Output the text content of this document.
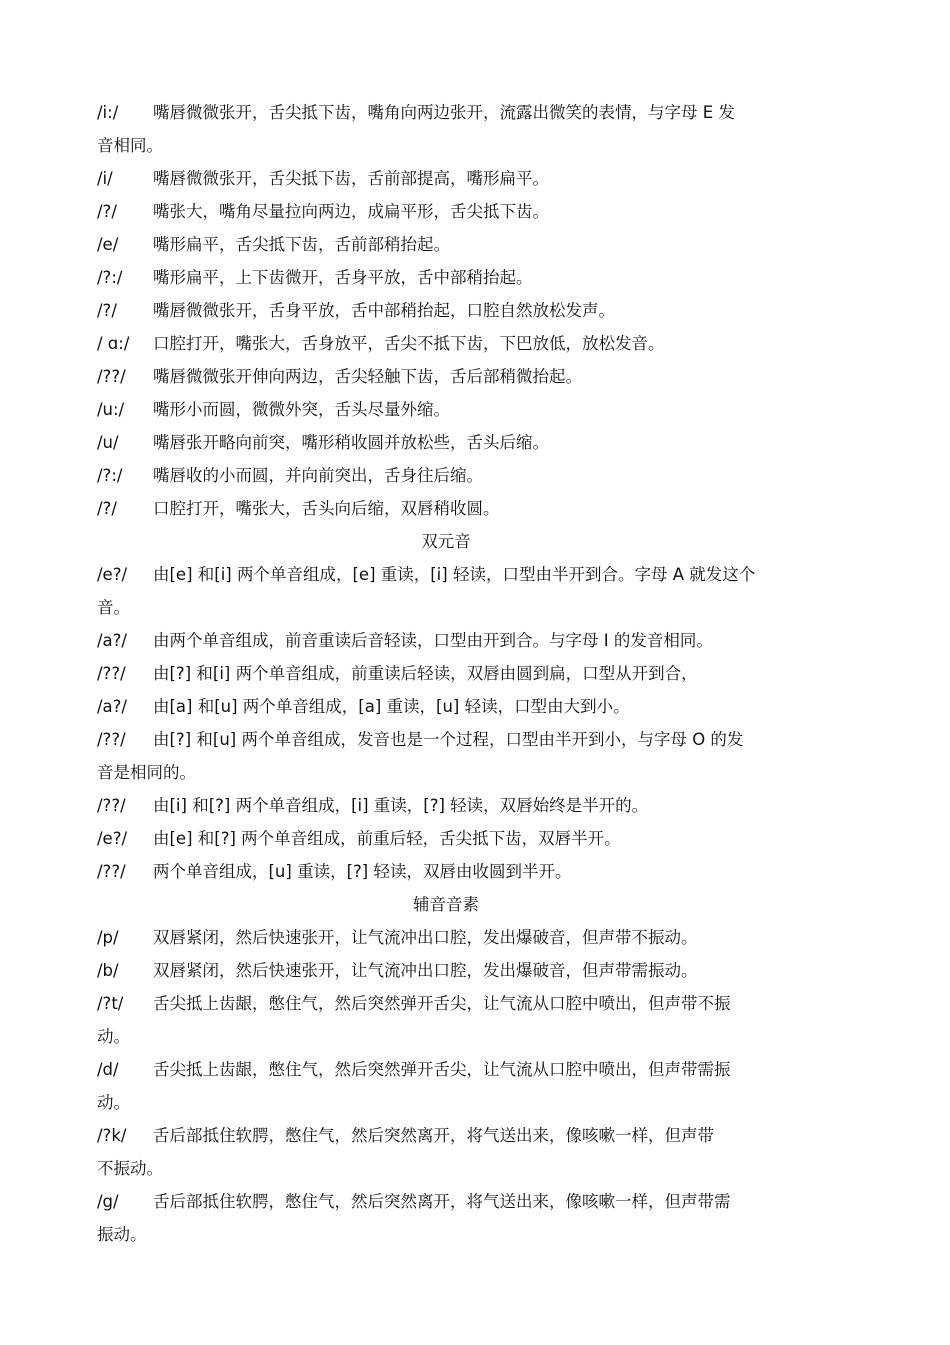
/i:/ 嘴唇微微张开，舌尖抵下齿，嘴角向两边张开，流露出微笑的表情，与字母 E 发
音相同。
/i/ 嘴唇微微张开，舌尖抵下齿，舌前部提高，嘴形扁平。
/?/ 嘴张大，嘴角尽量拉向两边，成扁平形，舌尖抵下齿。
/e/ 嘴形扁平，舌尖抵下齿，舌前部稍抬起。
/?:/ 嘴形扁平，上下齿微开，舌身平放，舌中部稍抬起。
/?/ 嘴唇微微张开，舌身平放，舌中部稍抬起，口腔自然放松发声。
/ ɑ:/ 口腔打开，嘴张大，舌身放平，舌尖不抵下齿，下巴放低，放松发音。
/??/ 嘴唇微微张开伸向两边，舌尖轻触下齿，舌后部稍微抬起。
/u:/ 嘴形小而圆，微微外突，舌头尽量外缩。
/u/ 嘴唇张开略向前突，嘴形稍收圆并放松些，舌头后缩。
/?:/ 嘴唇收的小而圆，并向前突出，舌身往后缩。
/?/ 口腔打开，嘴张大，舌头向后缩，双唇稍收圆。
双元音
/e?/ 由[e] 和[i] 两个单音组成，[e] 重读，[i] 轻读，口型由半开到合。字母 A 就发这个
音。
/a?/ 由两个单音组成，前音重读后音轻读，口型由开到合。与字母 I 的发音相同。
/??/ 由[?] 和[i] 两个单音组成，前重读后轻读，双唇由圆到扁，口型从开到合，
/a?/ 由[a] 和[u] 两个单音组成，[a] 重读，[u] 轻读，口型由大到小。
/??/ 由[?] 和[u] 两个单音组成，发音也是一个过程，口型由半开到小，与字母 O 的发
音是相同的。
/??/ 由[i] 和[?] 两个单音组成，[i] 重读，[?] 轻读，双唇始终是半开的。
/e?/ 由[e] 和[?] 两个单音组成，前重后轻，舌尖抵下齿，双唇半开。
/??/ 两个单音组成，[u] 重读，[?] 轻读，双唇由收圆到半开。
辅音音素
/p/ 双唇紧闭，然后快速张开，让气流冲出口腔，发出爆破音，但声带不振动。
/b/ 双唇紧闭，然后快速张开，让气流冲出口腔，发出爆破音，但声带需振动。
/?t/ 舌尖抵上齿龈，憋住气，然后突然弹开舌尖，让气流从口腔中喷出，但声带不振
动。
/d/ 舌尖抵上齿龈，憋住气，然后突然弹开舌尖，让气流从口腔中喷出，但声带需振
动。
/?k/ 舌后部抵住软腭，憋住气，然后突然离开，将气送出来，像咳嗽一样，但声带
不振动。
/g/ 舌后部抵住软腭，憋住气，然后突然离开，将气送出来，像咳嗽一样，但声带需
振动。
